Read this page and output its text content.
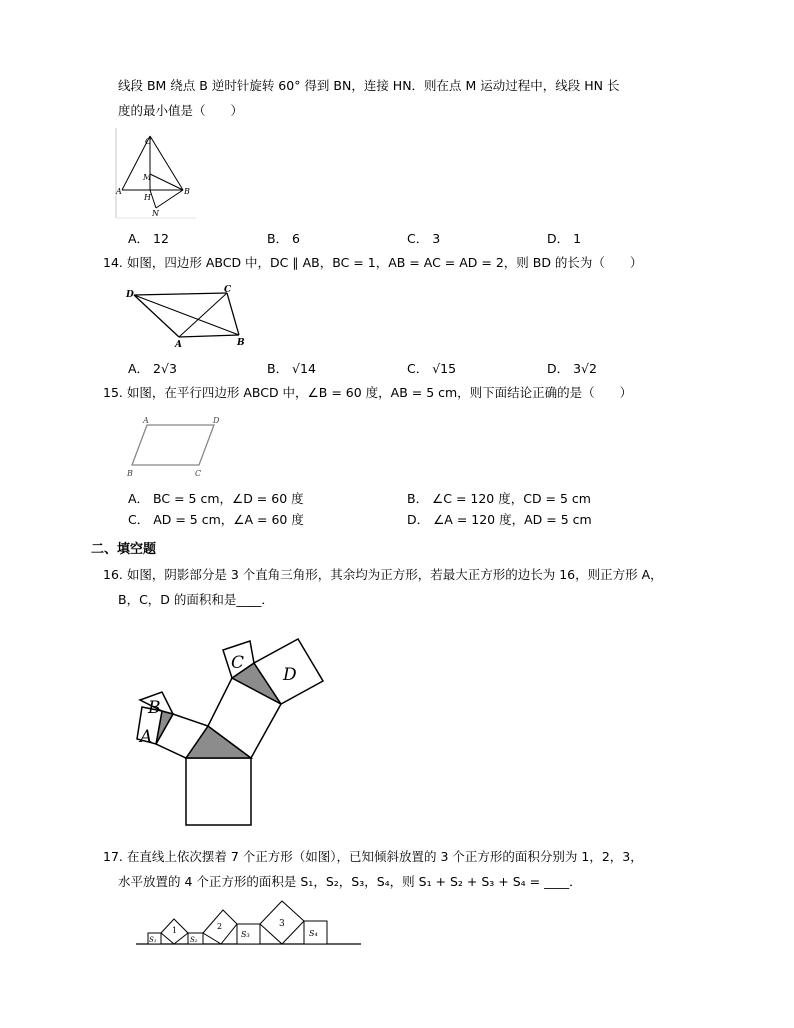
线段 BM 绕点 B 逆时针旋转 60° 得到 BN，连接 HN．则在点 M 运动过程中，线段 HN 长
度的最小值是（　　）
C
M
A
H
B
N
A． 12	B． 6	C． 3	D． 1
14. 如图，四边形 ABCD 中，DC ∥ AB，BC = 1，AB = AC = AD = 2，则 BD 的长为（　　）
D	C
A	B
A． 2√3	B． √14	C． √15	D． 3√2
15. 如图，在平行四边形 ABCD 中，∠B = 60 度，AB = 5 cm，则下面结论正确的是（　　）
A	D
B	C
A． BC = 5 cm，∠D = 60 度	B． ∠C = 120 度，CD = 5 cm
C． AD = 5 cm，∠A = 60 度	D． ∠A = 120 度，AD = 5 cm
二、填空题
16. 如图，阴影部分是 3 个直角三角形，其余均为正方形，若最大正方形的边长为 16，则正方形 A，
B，C，D 的面积和是____．
A
B
C
D
17. 在直线上依次摆着 7 个正方形（如图），已知倾斜放置的 3 个正方形的面积分别为 1，2，3，
水平放置的 4 个正方形的面积是 S₁，S₂，S₃，S₄，则 S₁ + S₂ + S₃ + S₄ = ____．
S₁
1
S₂
2
S₃
3
S₄
